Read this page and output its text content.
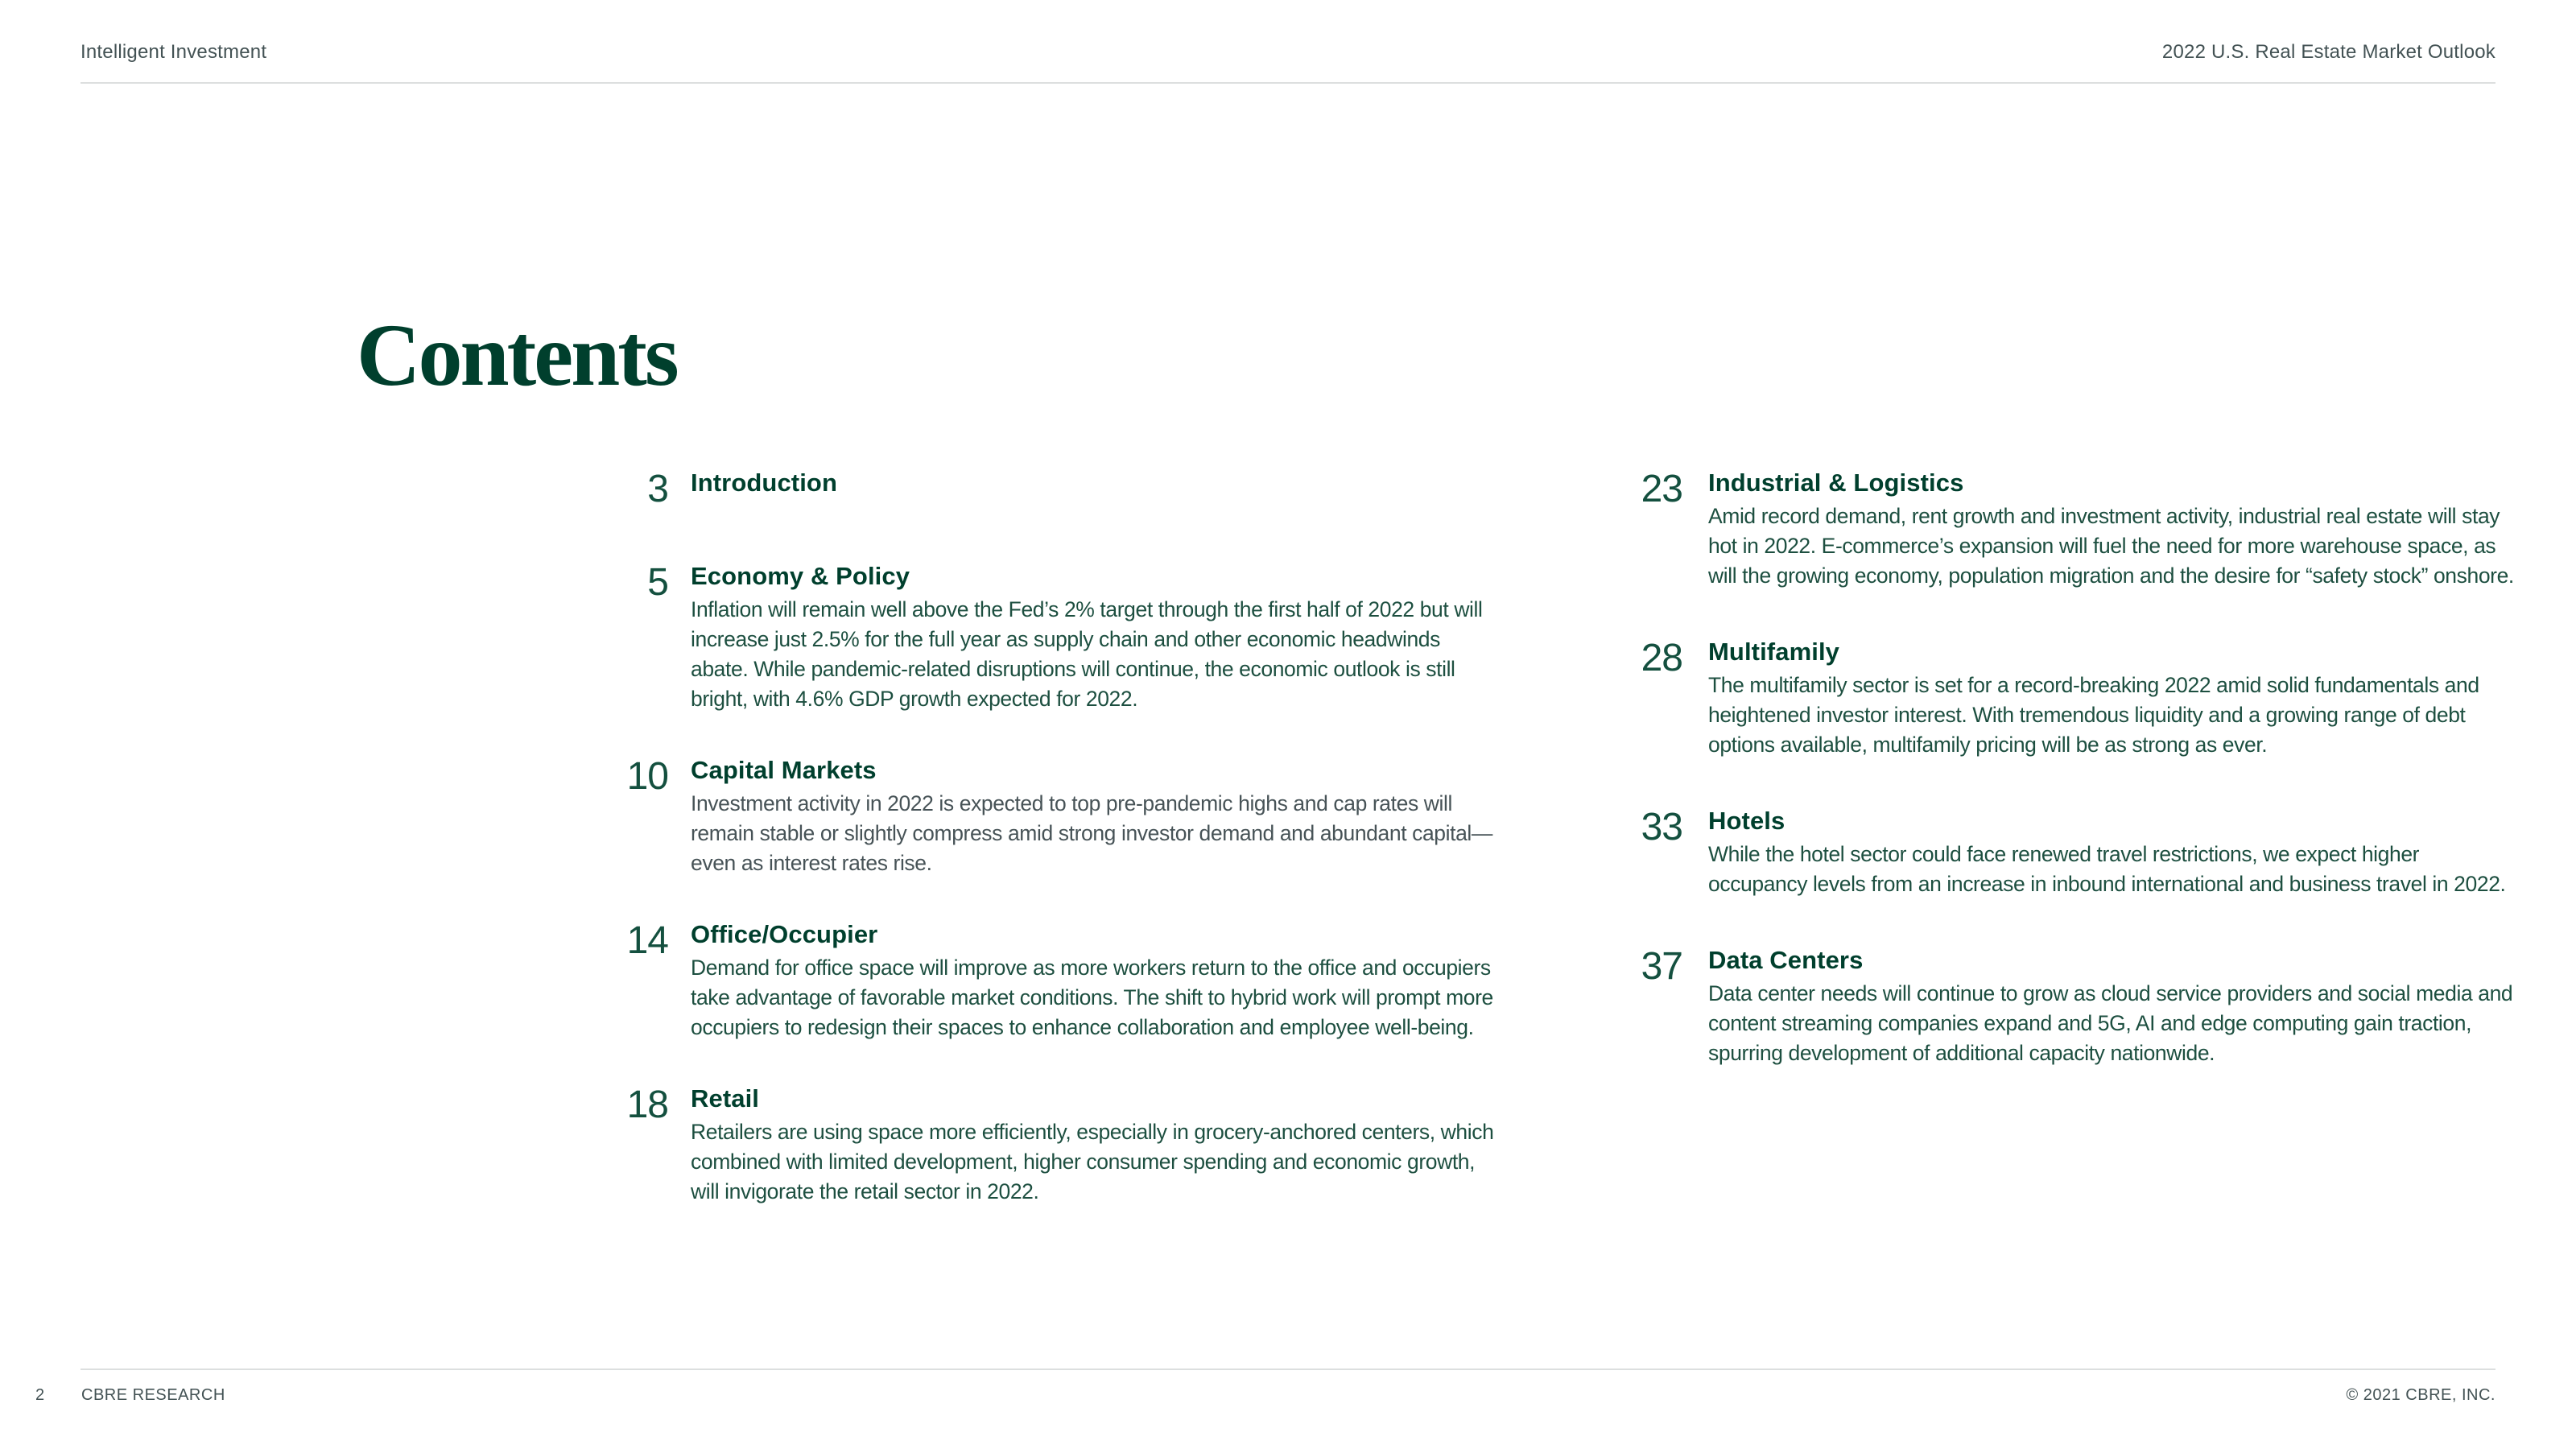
Intelligent Investment	2022 U.S. Real Estate Market Outlook
Contents
3 Introduction
5 Economy & Policy

Inflation will remain well above the Fed’s 2% target through the first half of 2022 but will increase just 2.5% for the full year as supply chain and other economic headwinds abate. While pandemic-related disruptions will continue, the economic outlook is still bright, with 4.6% GDP growth expected for 2022.

10 Capital Markets

Investment activity in 2022 is expected to top pre-pandemic highs and cap rates will remain stable or slightly compress amid strong investor demand and abundant capital—even as interest rates rise.

14 Office/Occupier

Demand for office space will improve as more workers return to the office and occupiers take advantage of favorable market conditions. The shift to hybrid work will prompt more occupiers to redesign their spaces to enhance collaboration and employee well-being.

18 Retail

Retailers are using space more efficiently, especially in grocery-anchored centers, which combined with limited development, higher consumer spending and economic growth, will invigorate the retail sector in 2022.

23 Industrial & Logistics

Amid record demand, rent growth and investment activity, industrial real estate will stay hot in 2022. E-commerce’s expansion will fuel the need for more warehouse space, as will the growing economy, population migration and the desire for “safety stock” onshore.

28 Multifamily

The multifamily sector is set for a record-breaking 2022 amid solid fundamentals and heightened investor interest. With tremendous liquidity and a growing range of debt options available, multifamily pricing will be as strong as ever.

33 Hotels

While the hotel sector could face renewed travel restrictions, we expect higher occupancy levels from an increase in inbound international and business travel in 2022.

37 Data Centers

Data center needs will continue to grow as cloud service providers and social media and content streaming companies expand and 5G, AI and edge computing gain traction, spurring development of additional capacity nationwide.

2 CBRE RESEARCH	© 2021 CBRE, INC.
